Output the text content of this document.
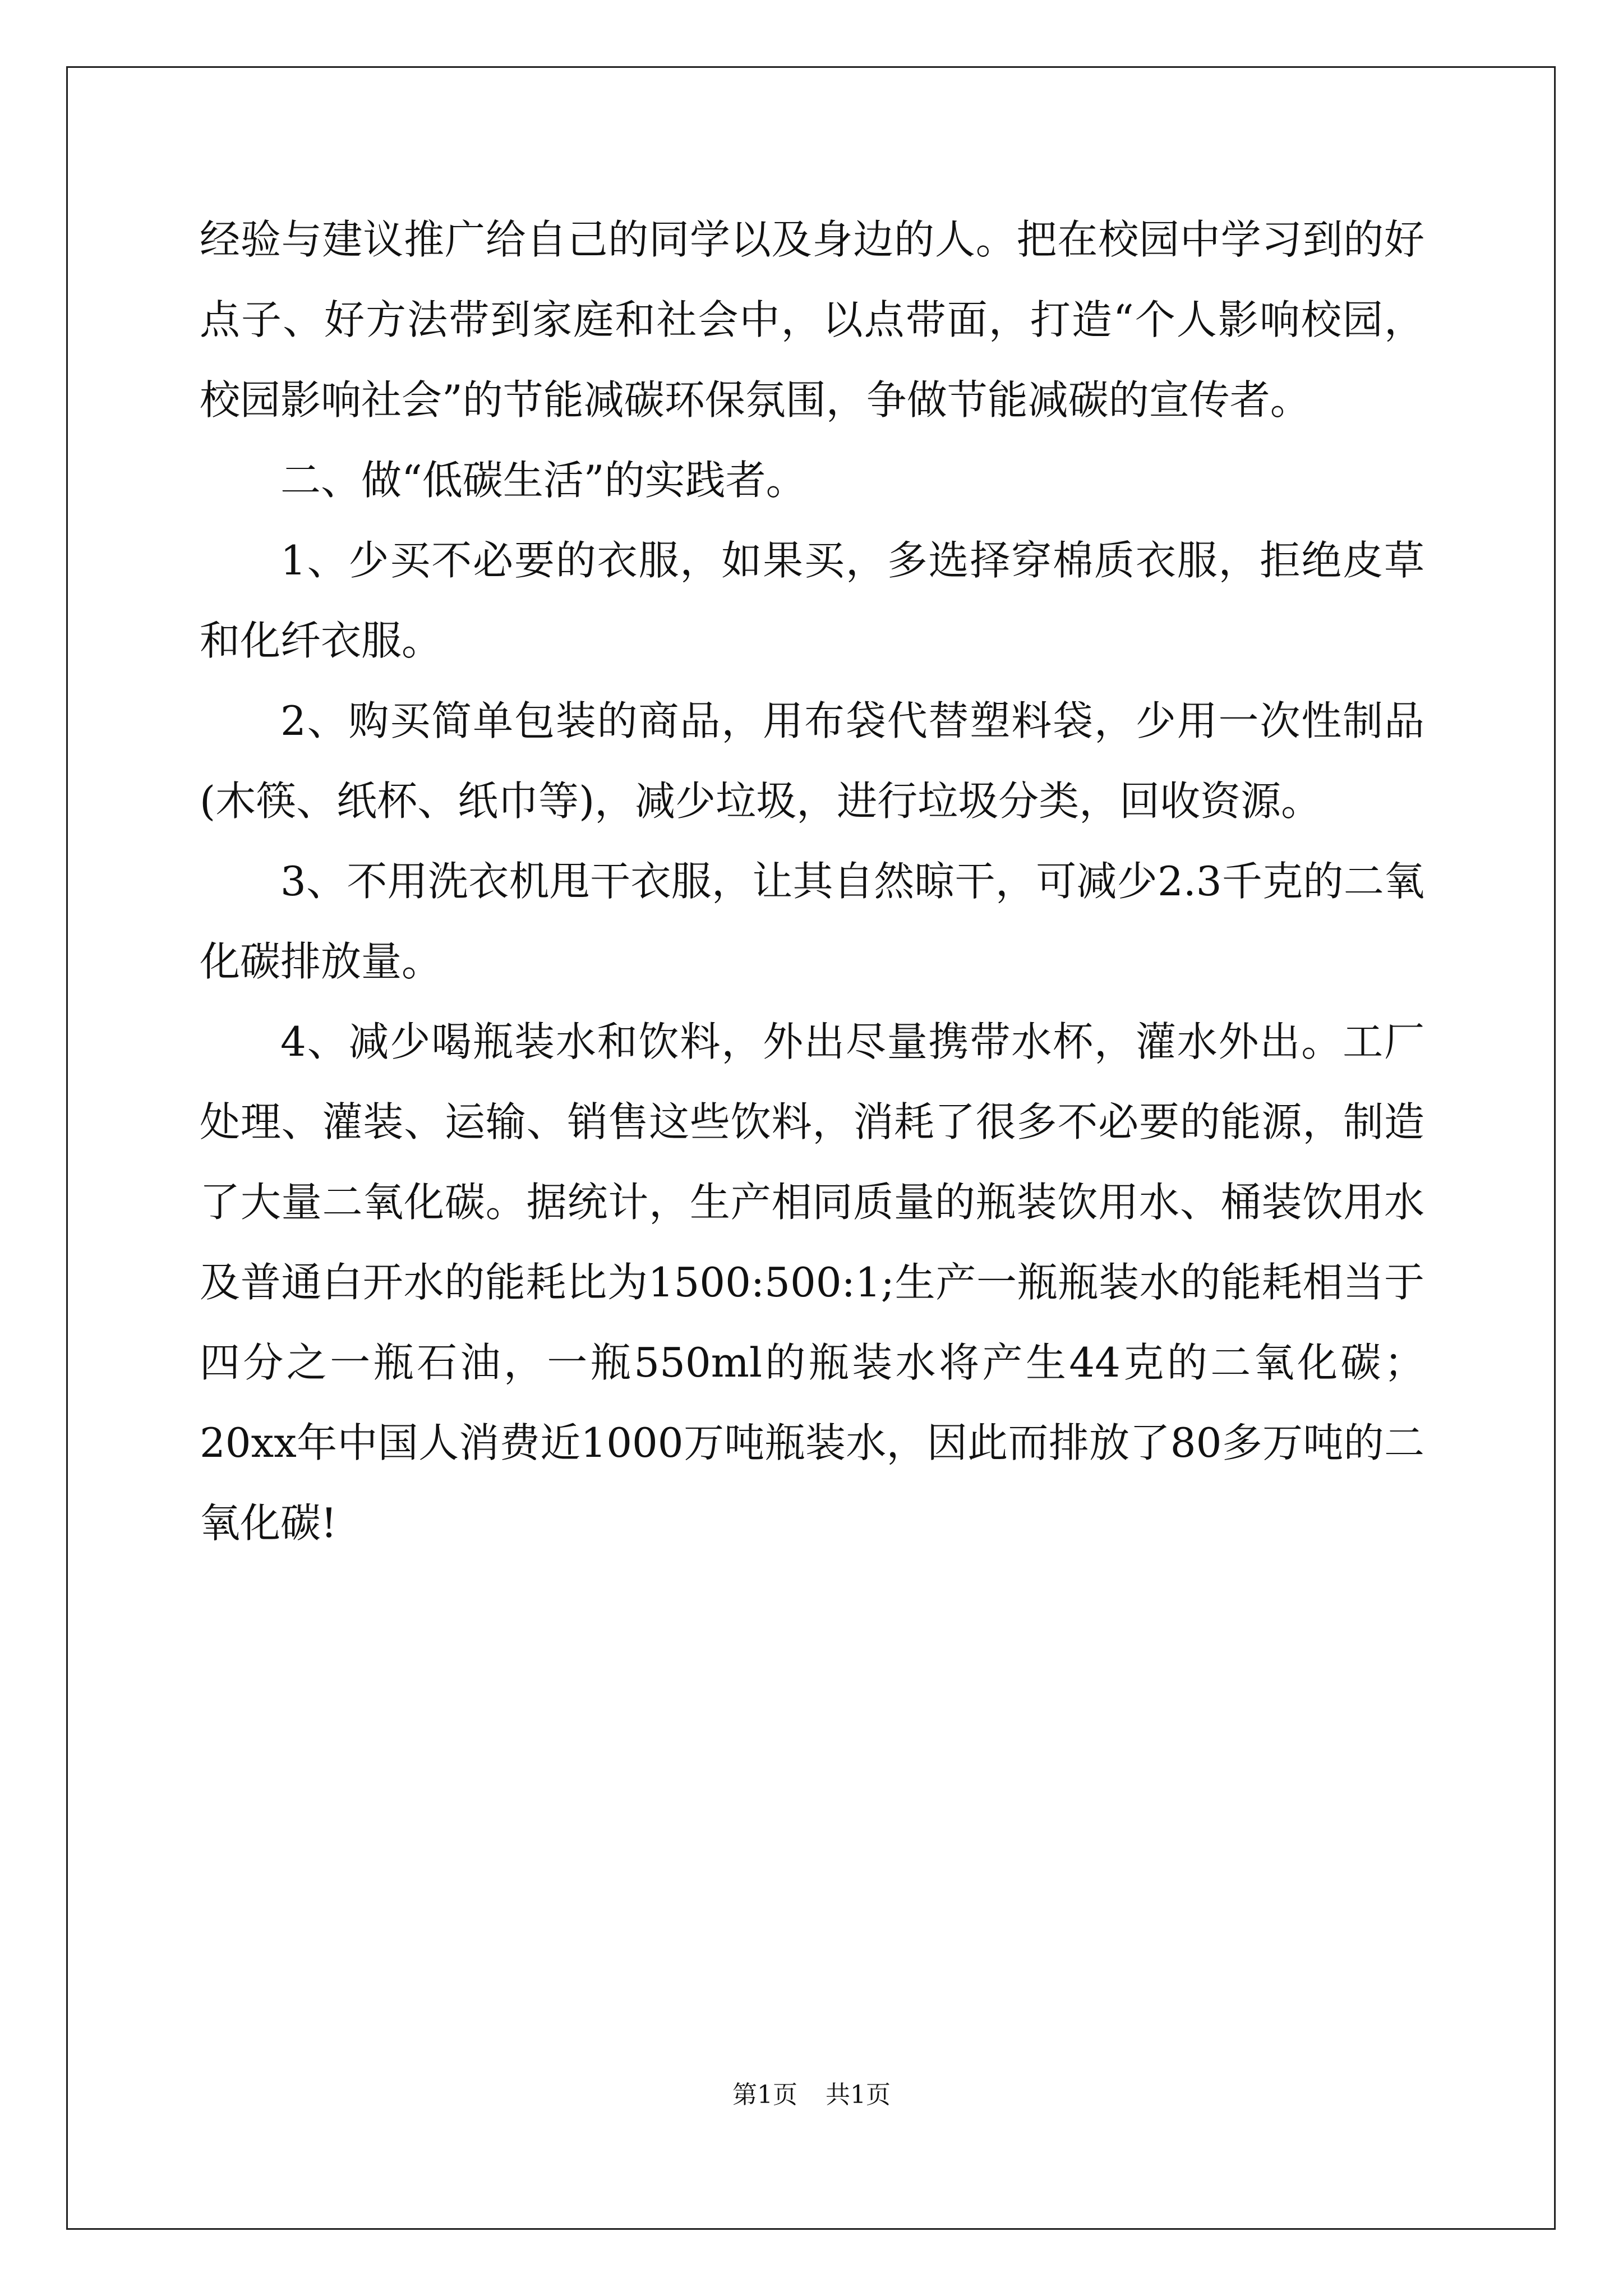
经验与建议推广给自己的同学以及身边的人。把在校园中学习到的好点子、好方法带到家庭和社会中，以点带面，打造“个人影响校园，校园影响社会”的节能减碳环保氛围，争做节能减碳的宣传者。

二、做“低碳生活”的实践者。

1、少买不必要的衣服，如果买，多选择穿棉质衣服，拒绝皮草和化纤衣服。

2、购买简单包装的商品，用布袋代替塑料袋，少用一次性制品(木筷、纸杯、纸巾等)，减少垃圾，进行垃圾分类，回收资源。

3、不用洗衣机甩干衣服，让其自然晾干，可减少2.3千克的二氧化碳排放量。

4、减少喝瓶装水和饮料，外出尽量携带水杯，灌水外出。工厂处理、灌装、运输、销售这些饮料，消耗了很多不必要的能源，制造了大量二氧化碳。据统计，生产相同质量的瓶装饮用水、桶装饮用水及普通白开水的能耗比为1500:500:1;生产一瓶瓶装水的能耗相当于四分之一瓶石油，一瓶550ml的瓶装水将产生44克的二氧化碳；20xx年中国人消费近1000万吨瓶装水，因此而排放了80多万吨的二氧化碳!

第1页 共1页
